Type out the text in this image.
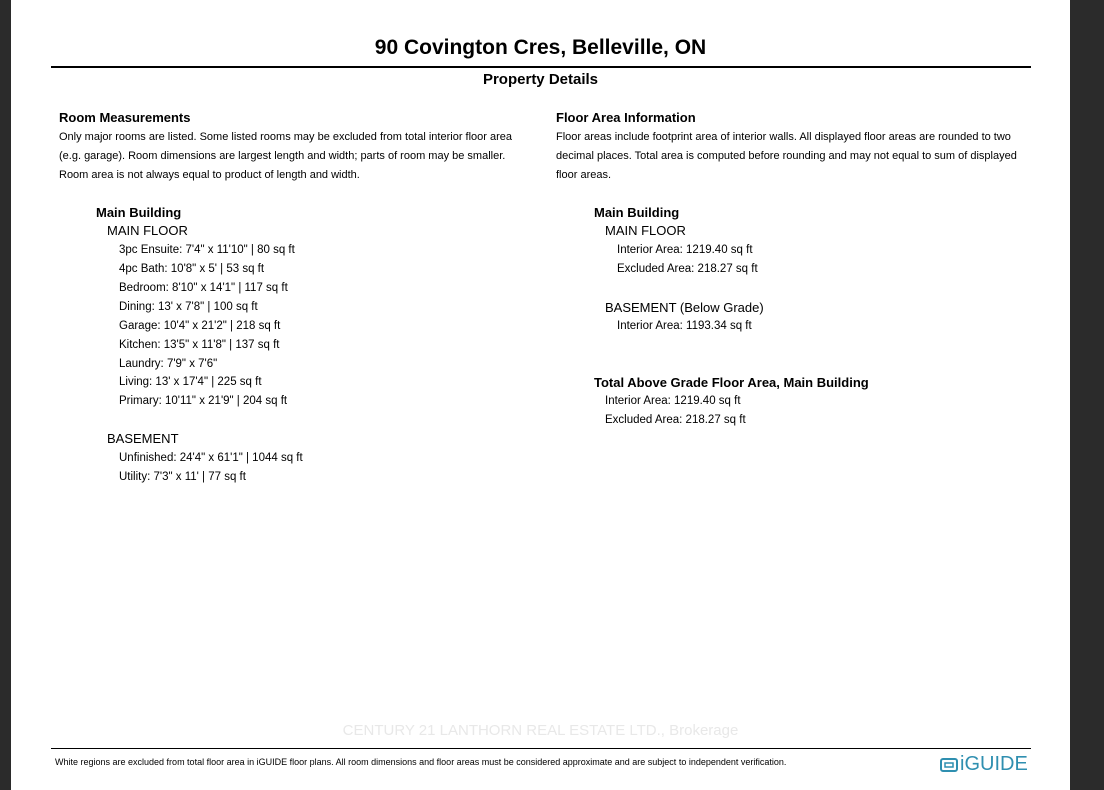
90 Covington Cres, Belleville, ON
Property Details
Room Measurements
Only major rooms are listed. Some listed rooms may be excluded from total interior floor area
(e.g. garage). Room dimensions are largest length and width; parts of room may be smaller.
Room area is not always equal to product of length and width.
Main Building
MAIN FLOOR
3pc Ensuite: 7'4" x 11'10" | 80 sq ft
4pc Bath: 10'8" x 5' | 53 sq ft
Bedroom: 8'10" x 14'1" | 117 sq ft
Dining: 13' x 7'8" | 100 sq ft
Garage: 10'4" x 21'2" | 218 sq ft
Kitchen: 13'5" x 11'8" | 137 sq ft
Laundry: 7'9" x 7'6"
Living: 13' x 17'4" | 225 sq ft
Primary: 10'11" x 21'9" | 204 sq ft
BASEMENT
Unfinished: 24'4" x 61'1" | 1044 sq ft
Utility: 7'3" x 11' | 77 sq ft
Floor Area Information
Floor areas include footprint area of interior walls. All displayed floor areas are rounded to two
decimal places. Total area is computed before rounding and may not equal to sum of displayed
floor areas.
Main Building
MAIN FLOOR
Interior Area: 1219.40 sq ft
Excluded Area: 218.27 sq ft
BASEMENT (Below Grade)
Interior Area: 1193.34 sq ft
Total Above Grade Floor Area, Main Building
Interior Area: 1219.40 sq ft
Excluded Area: 218.27 sq ft
CENTURY 21 LANTHORN REAL ESTATE LTD., Brokerage
White regions are excluded from total floor area in iGUIDE floor plans. All room dimensions and floor areas must be considered approximate and are subject to independent verification.	iGUIDE
